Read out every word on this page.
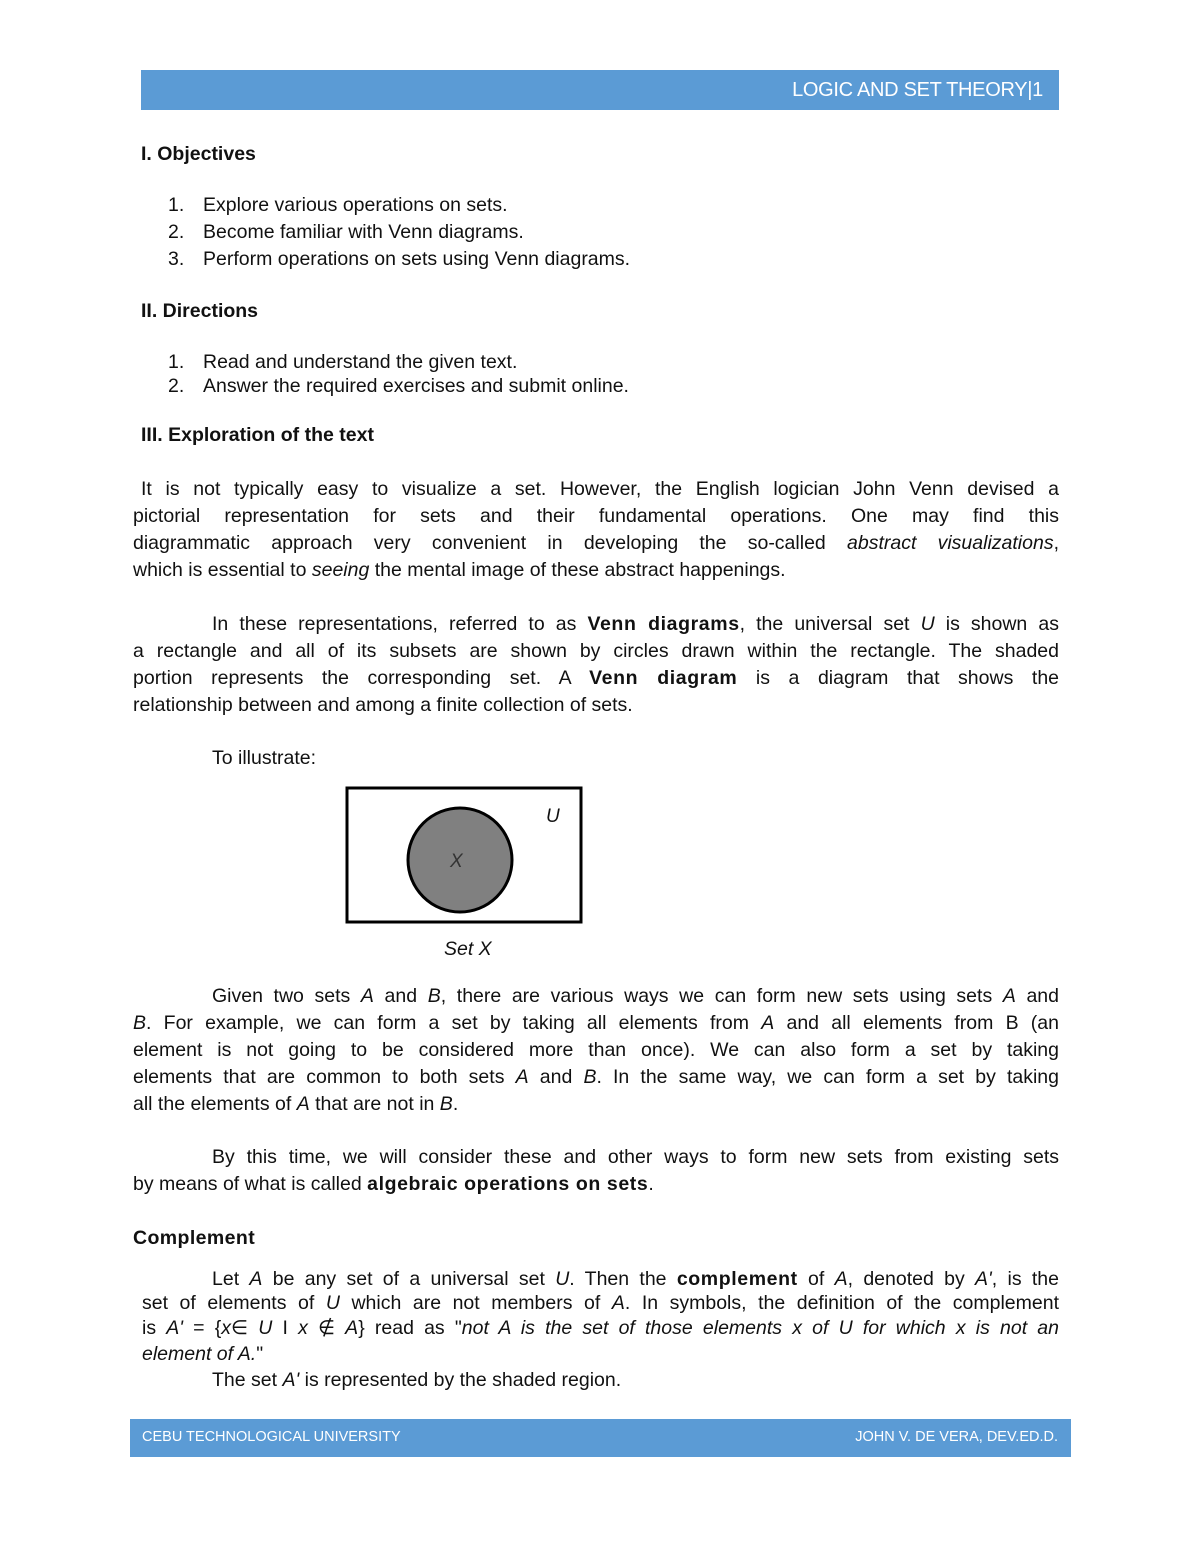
LOGIC AND SET THEORY|1
I. Objectives
1. Explore various operations on sets.
2. Become familiar with Venn diagrams.
3. Perform operations on sets using Venn diagrams.
II. Directions
1. Read and understand the given text.
2. Answer the required exercises and submit online.
III. Exploration of the text
It is not typically easy to visualize a set. However, the English logician John Venn devised a
pictorial representation for sets and their fundamental operations. One may find this
diagrammatic approach very convenient in developing the so-called abstract visualizations,
which is essential to seeing the mental image of these abstract happenings.
In these representations, referred to as Venn diagrams, the universal set U is shown as
a rectangle and all of its subsets are shown by circles drawn within the rectangle. The shaded
portion represents the corresponding set. A Venn diagram is a diagram that shows the
relationship between and among a finite collection of sets.
To illustrate:
U
X
Set X
Given two sets A and B, there are various ways we can form new sets using sets A and
B. For example, we can form a set by taking all elements from A and all elements from B (an
element is not going to be considered more than once). We can also form a set by taking
elements that are common to both sets A and B. In the same way, we can form a set by taking
all the elements of A that are not in B.
By this time, we will consider these and other ways to form new sets from existing sets
by means of what is called algebraic operations on sets.
Complement
Let A be any set of a universal set U. Then the complement of A, denoted by A', is the
set of elements of U which are not members of A. In symbols, the definition of the complement
is A' = {x∈ U I x ∉ A} read as "not A is the set of those elements x of U for which x is not an
element of A."
The set A' is represented by the shaded region.
CEBU TECHNOLOGICAL UNIVERSITY	JOHN V. DE VERA, DEV.ED.D.
